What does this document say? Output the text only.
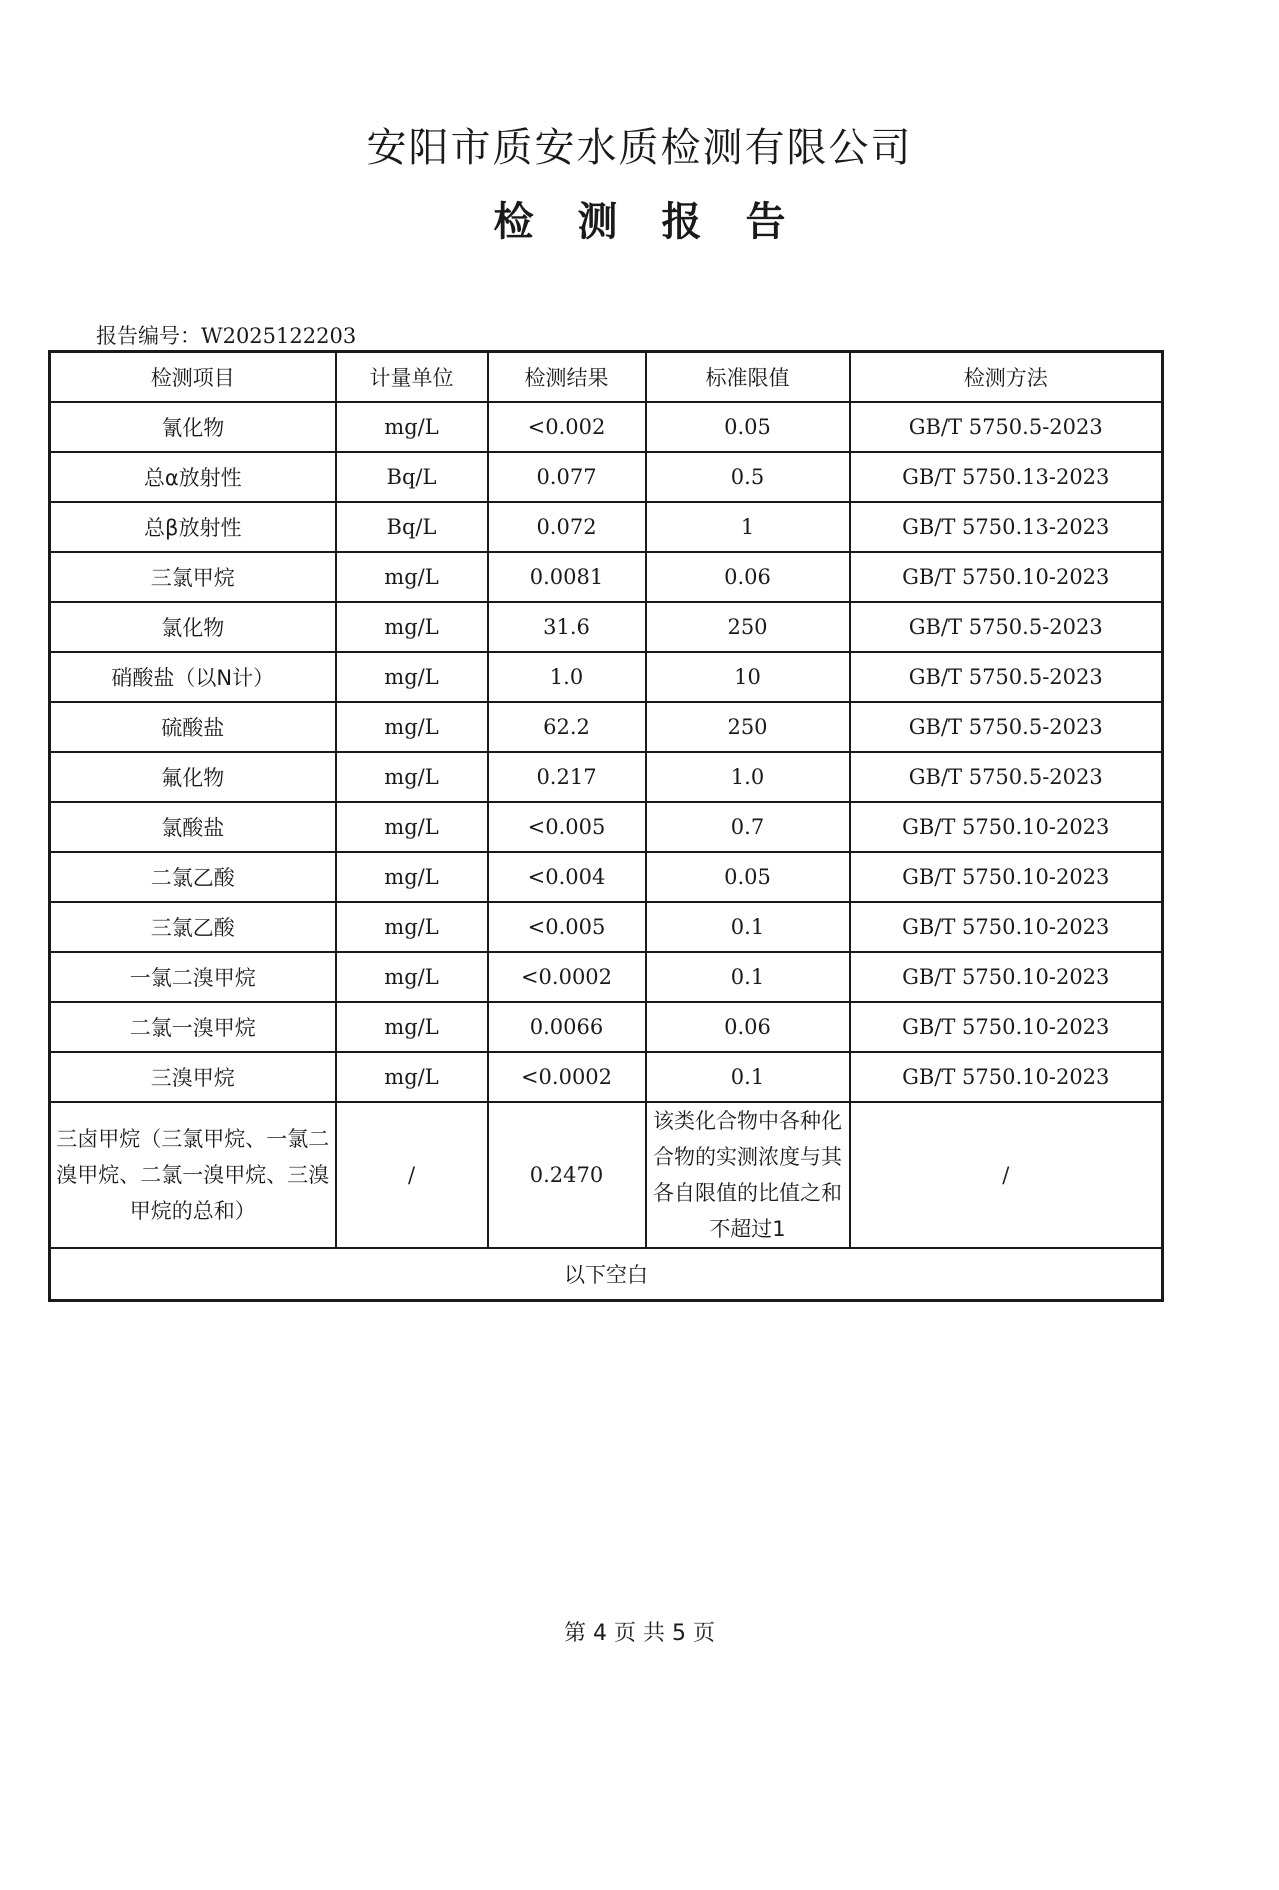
安阳市质安水质检测有限公司
检测报告
报告编号：W2025122203
检测项目	计量单位	检测结果	标准限值	检测方法
氰化物	mg/L	<0.002	0.05	GB/T 5750.5-2023
总α放射性	Bq/L	0.077	0.5	GB/T 5750.13-2023
总β放射性	Bq/L	0.072	1	GB/T 5750.13-2023
三氯甲烷	mg/L	0.0081	0.06	GB/T 5750.10-2023
氯化物	mg/L	31.6	250	GB/T 5750.5-2023
硝酸盐（以N计）	mg/L	1.0	10	GB/T 5750.5-2023
硫酸盐	mg/L	62.2	250	GB/T 5750.5-2023
氟化物	mg/L	0.217	1.0	GB/T 5750.5-2023
氯酸盐	mg/L	<0.005	0.7	GB/T 5750.10-2023
二氯乙酸	mg/L	<0.004	0.05	GB/T 5750.10-2023
三氯乙酸	mg/L	<0.005	0.1	GB/T 5750.10-2023
一氯二溴甲烷	mg/L	<0.0002	0.1	GB/T 5750.10-2023
二氯一溴甲烷	mg/L	0.0066	0.06	GB/T 5750.10-2023
三溴甲烷	mg/L	<0.0002	0.1	GB/T 5750.10-2023
三卤甲烷（三氯甲烷、一氯二溴甲烷、二氯一溴甲烷、三溴甲烷的总和）	/	0.2470	该类化合物中各种化合物的实测浓度与其各自限值的比值之和不超过1	/
以下空白				
第 4 页 共 5 页
